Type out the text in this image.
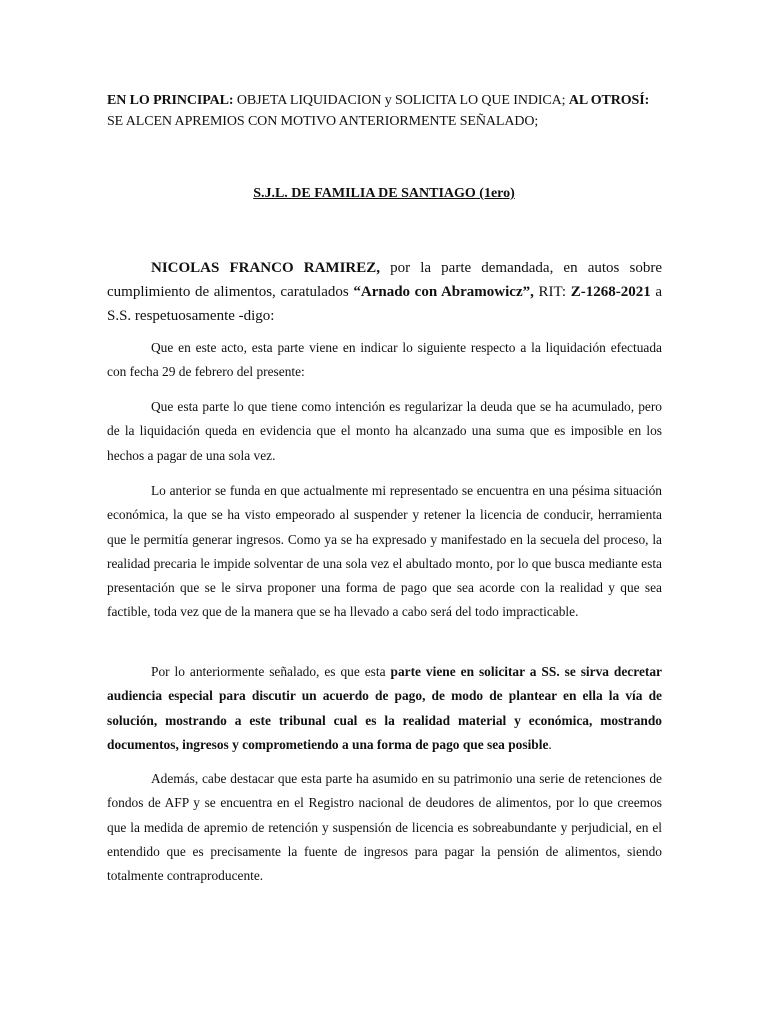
EN LO PRINCIPAL: OBJETA LIQUIDACION y SOLICITA LO QUE INDICA; AL OTROSÍ:
SE ALCEN APREMIOS CON MOTIVO ANTERIORMENTE SEÑALADO;
S.J.L. DE FAMILIA DE SANTIAGO (1ero)
NICOLAS FRANCO RAMIREZ, por la parte demandada, en autos sobre cumplimiento de alimentos, caratulados “Arnado con Abramowicz”, RIT: Z-1268-2021 a S.S. respetuosamente -digo:
Que en este acto, esta parte viene en indicar lo siguiente respecto a la liquidación efectuada con fecha 29 de febrero del presente:
Que esta parte lo que tiene como intención es regularizar la deuda que se ha acumulado, pero de la liquidación queda en evidencia que el monto ha alcanzado una suma que es imposible en los hechos a pagar de una sola vez.
Lo anterior se funda en que actualmente mi representado se encuentra en una pésima situación económica, la que se ha visto empeorado al suspender y retener la licencia de conducir, herramienta que le permitía generar ingresos. Como ya se ha expresado y manifestado en la secuela del proceso, la realidad precaria le impide solventar de una sola vez el abultado monto, por lo que busca mediante esta presentación que se le sirva proponer una forma de pago que sea acorde con la realidad y que sea factible, toda vez que de la manera que se ha llevado a cabo será del todo impracticable.
Por lo anteriormente señalado, es que esta parte viene en solicitar a SS. se sirva decretar audiencia especial para discutir un acuerdo de pago, de modo de plantear en ella la vía de solución, mostrando a este tribunal cual es la realidad material y económica, mostrando documentos, ingresos y comprometiendo a una forma de pago que sea posible.
Además, cabe destacar que esta parte ha asumido en su patrimonio una serie de retenciones de fondos de AFP y se encuentra en el Registro nacional de deudores de alimentos, por lo que creemos que la medida de apremio de retención y suspensión de licencia es sobreabundante y perjudicial, en el entendido que es precisamente la fuente de ingresos para pagar la pensión de alimentos, siendo totalmente contraproducente.
